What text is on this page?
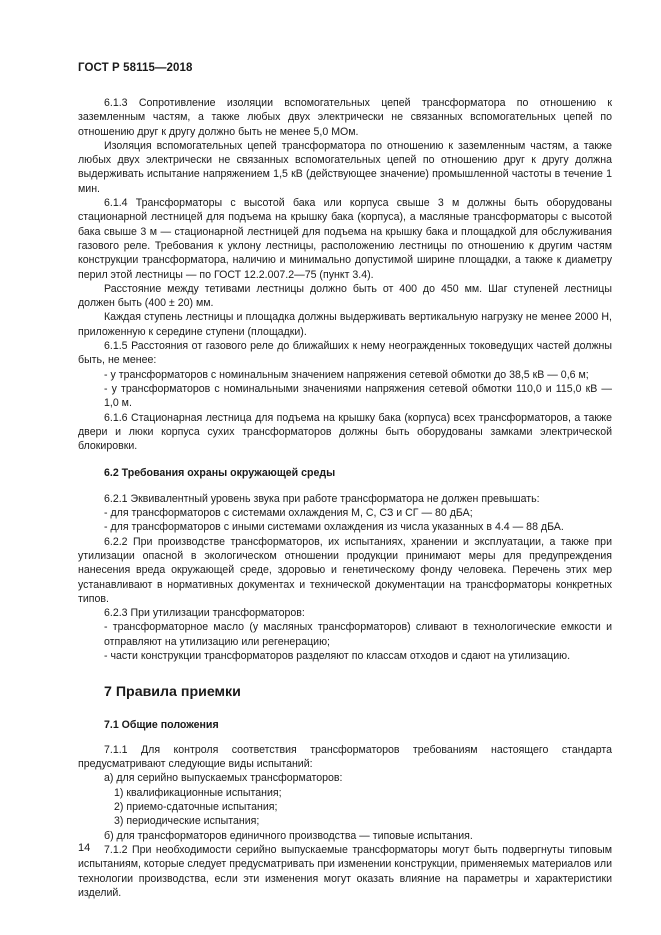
ГОСТ Р 58115—2018

6.1.3 Сопротивление изоляции вспомогательных цепей трансформатора по отношению к заземленным частям, а также любых двух электрически не связанных вспомогательных цепей по отношению друг к другу должно быть не менее 5,0 МОм.

Изоляция вспомогательных цепей трансформатора по отношению к заземленным частям, а также любых двух электрически не связанных вспомогательных цепей по отношению друг к другу должна выдерживать испытание напряжением 1,5 кВ (действующее значение) промышленной частоты в течение 1 мин.

6.1.4 Трансформаторы с высотой бака или корпуса свыше 3 м должны быть оборудованы стационарной лестницей для подъема на крышку бака (корпуса), а масляные трансформаторы с высотой бака свыше 3 м — стационарной лестницей для подъема на крышку бака и площадкой для обслуживания газового реле. Требования к уклону лестницы, расположению лестницы по отношению к другим частям конструкции трансформатора, наличию и минимально допустимой ширине площадки, а также к диаметру перил этой лестницы — по ГОСТ 12.2.007.2—75 (пункт 3.4).

Расстояние между тетивами лестницы должно быть от 400 до 450 мм. Шаг ступеней лестницы должен быть (400 ± 20) мм.

Каждая ступень лестницы и площадка должны выдерживать вертикальную нагрузку не менее 2000 Н, приложенную к середине ступени (площадки).

6.1.5 Расстояния от газового реле до ближайших к нему неогражденных токоведущих частей должны быть, не менее:

- у трансформаторов с номинальным значением напряжения сетевой обмотки до 38,5 кВ — 0,6 м;

- у трансформаторов с номинальными значениями напряжения сетевой обмотки 110,0 и 115,0 кВ — 1,0 м.

6.1.6 Стационарная лестница для подъема на крышку бака (корпуса) всех трансформаторов, а также двери и люки корпуса сухих трансформаторов должны быть оборудованы замками электрической блокировки.

6.2 Требования охраны окружающей среды

6.2.1 Эквивалентный уровень звука при работе трансформатора не должен превышать:

- для трансформаторов с системами охлаждения М, С, СЗ и СГ — 80 дБА;

- для трансформаторов с иными системами охлаждения из числа указанных в 4.4 — 88 дБА.

6.2.2 При производстве трансформаторов, их испытаниях, хранении и эксплуатации, а также при утилизации опасной в экологическом отношении продукции принимают меры для предупреждения нанесения вреда окружающей среде, здоровью и генетическому фонду человека. Перечень этих мер устанавливают в нормативных документах и технической документации на трансформаторы конкретных типов.

6.2.3 При утилизации трансформаторов:

- трансформаторное масло (у масляных трансформаторов) сливают в технологические емкости и отправляют на утилизацию или регенерацию;

- части конструкции трансформаторов разделяют по классам отходов и сдают на утилизацию.

7 Правила приемки

7.1 Общие положения

7.1.1 Для контроля соответствия трансформаторов требованиям настоящего стандарта предусматривают следующие виды испытаний:

а) для серийно выпускаемых трансформаторов:

1) квалификационные испытания;

2) приемо-сдаточные испытания;

3) периодические испытания;

б) для трансформаторов единичного производства — типовые испытания.

7.1.2 При необходимости серийно выпускаемые трансформаторы могут быть подвергнуты типовым испытаниям, которые следует предусматривать при изменении конструкции, применяемых материалов или технологии производства, если эти изменения могут оказать влияние на параметры и характеристики изделий.

14
